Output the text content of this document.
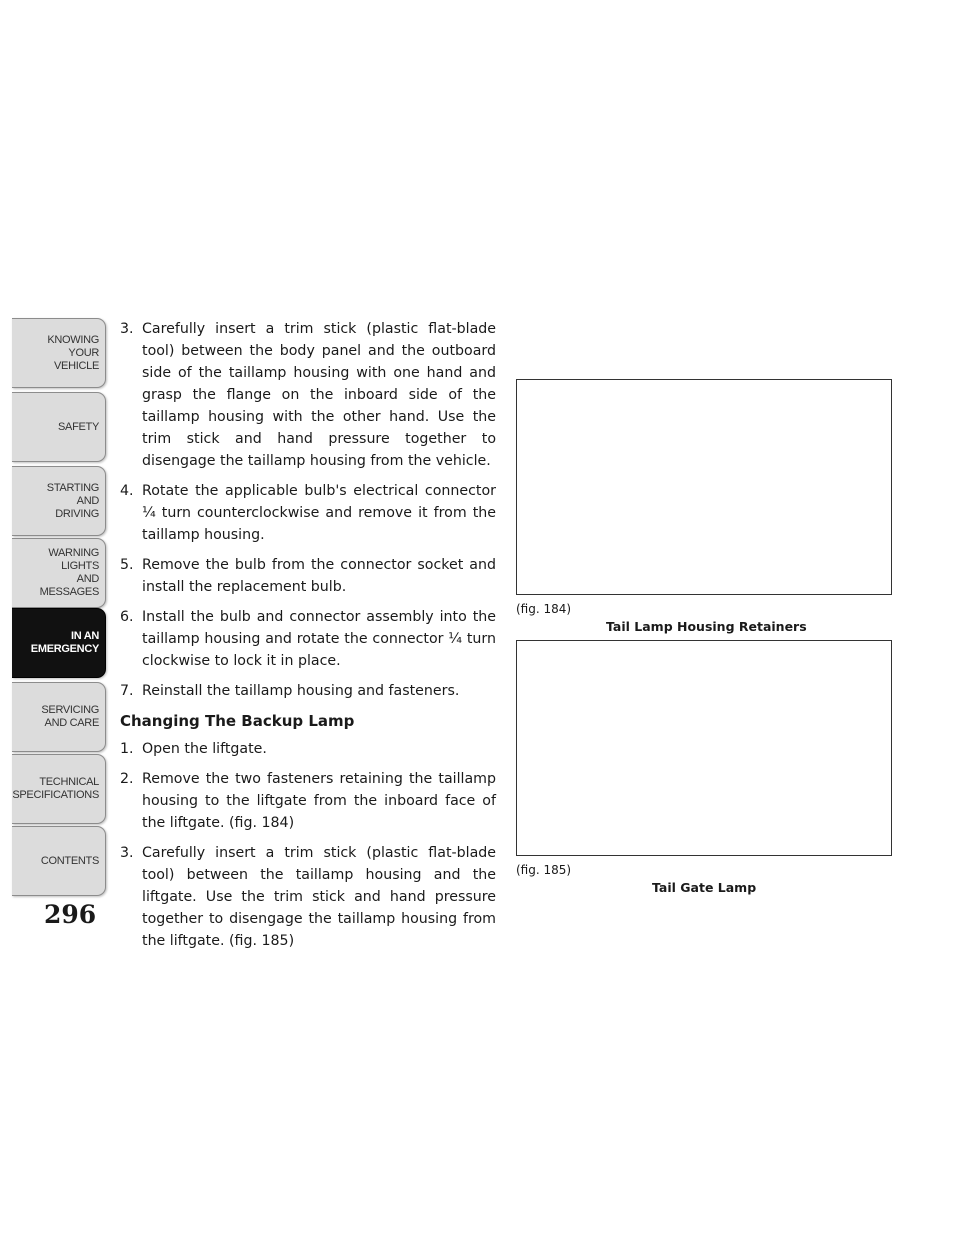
KNOWING
YOUR
VEHICLE
SAFETY
STARTING
AND
DRIVING
WARNING
LIGHTS
AND
MESSAGES
IN AN
EMERGENCY
SERVICING
AND CARE
TECHNICAL
SPECIFICATIONS
CONTENTS
296

3. Carefully insert a trim stick (plastic flat-blade tool) between the body panel and the outboard side of the taillamp housing with one hand and grasp the flange on the inboard side of the taillamp housing with the other hand. Use the trim stick and hand pressure together to disengage the taillamp housing from the vehicle.

4. Rotate the applicable bulb's electrical connector ¼ turn counterclockwise and remove it from the taillamp housing.

5. Remove the bulb from the connector socket and install the replacement bulb.

6. Install the bulb and connector assembly into the taillamp housing and rotate the connector ¼ turn clockwise to lock it in place.

7. Reinstall the taillamp housing and fasteners.

Changing The Backup Lamp

1. Open the liftgate.

2. Remove the two fasteners retaining the taillamp housing to the liftgate from the inboard face of the liftgate. (fig. 184)

3. Carefully insert a trim stick (plastic flat-blade tool) between the taillamp housing and the liftgate. Use the trim stick and hand pressure together to disengage the taillamp housing from the liftgate. (fig. 185)

(fig. 184)
Tail Lamp Housing Retainers
(fig. 185)
Tail Gate Lamp
